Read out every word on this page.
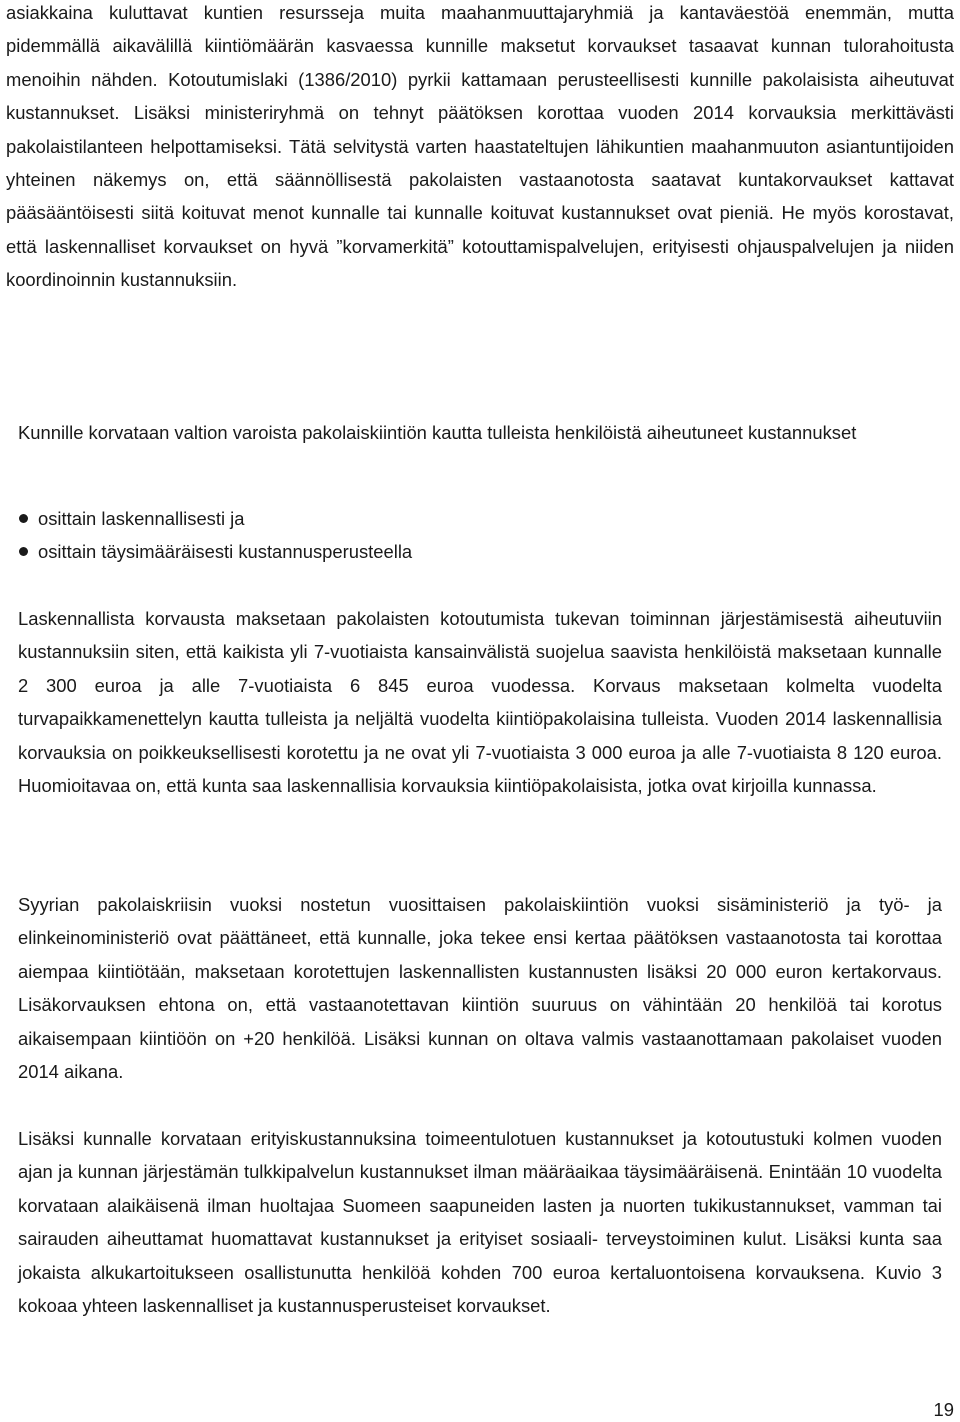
asiakkaina kuluttavat kuntien resursseja muita maahanmuuttajaryhmiä ja kantaväestöä enemmän, mutta pidemmällä aikavälillä kiintiömäärän kasvaessa kunnille maksetut korvaukset tasaavat kunnan tulorahoitusta menoihin nähden. Kotoutumislaki (1386/2010) pyrkii kattamaan perusteellisesti kunnille pakolaisista aiheutuvat kustannukset. Lisäksi ministeriryhmä on tehnyt päätöksen korottaa vuoden 2014 korvauksia merkittävästi pakolaistilanteen helpottamiseksi. Tätä selvitystä varten haastateltujen lähikuntien maahanmuuton asiantuntijoiden yhteinen näkemys on, että säännöllisestä pakolaisten vastaanotosta saatavat kuntakorvaukset kattavat pääsääntöisesti siitä koituvat menot kunnalle tai kunnalle koituvat kustannukset ovat pieniä. He myös korostavat, että laskennalliset korvaukset on hyvä ”korvamerkitä” kotouttamispalvelujen, erityisesti ohjauspalvelujen ja niiden koordinoinnin kustannuksiin.

Kunnille korvataan valtion varoista pakolaiskiintiön kautta tulleista henkilöistä aiheutuneet kustannukset

osittain laskennallisesti ja
osittain täysimääräisesti kustannusperusteella

Laskennallista korvausta maksetaan pakolaisten kotoutumista tukevan toiminnan järjestämisestä aiheutuviin kustannuksiin siten, että kaikista yli 7-vuotiaista kansainvälistä suojelua saavista henkilöistä maksetaan kunnalle 2 300 euroa ja alle 7-vuotiaista 6 845 euroa vuodessa. Korvaus maksetaan kolmelta vuodelta turvapaikkamenettelyn kautta tulleista ja neljältä vuodelta kiintiöpakolaisina tulleista. Vuoden 2014 laskennallisia korvauksia on poikkeuksellisesti korotettu ja ne ovat yli 7-vuotiaista 3 000 euroa ja alle 7-vuotiaista 8 120 euroa. Huomioitavaa on, että kunta saa laskennallisia korvauksia kiintiöpakolaisista, jotka ovat kirjoilla kunnassa.

Syyrian pakolaiskriisin vuoksi nostetun vuosittaisen pakolaiskiintiön vuoksi sisäministeriö ja työ- ja elinkeinoministeriö ovat päättäneet, että kunnalle, joka tekee ensi kertaa päätöksen vastaanotosta tai korottaa aiempaa kiintiötään, maksetaan korotettujen laskennallisten kustannusten lisäksi 20 000 euron kertakorvaus. Lisäkorvauksen ehtona on, että vastaanotettavan kiintiön suuruus on vähintään 20 henkilöä tai korotus aikaisempaan kiintiöön on +20 henkilöä. Lisäksi kunnan on oltava valmis vastaanottamaan pakolaiset vuoden 2014 aikana.

Lisäksi kunnalle korvataan erityiskustannuksina toimeentulotuen kustannukset ja kotoutustuki kolmen vuoden ajan ja kunnan järjestämän tulkkipalvelun kustannukset ilman määräaikaa täysimääräisenä. Enintään 10 vuodelta korvataan alaikäisenä ilman huoltajaa Suomeen saapuneiden lasten ja nuorten tukikustannukset, vamman tai sairauden aiheuttamat huomattavat kustannukset ja erityiset sosiaali- terveystoiminen kulut. Lisäksi kunta saa jokaista alkukartoitukseen osallistunutta henkilöä kohden 700 euroa kertaluontoisena korvauksena. Kuvio 3 kokoaa yhteen laskennalliset ja kustannusperusteiset korvaukset.

19
